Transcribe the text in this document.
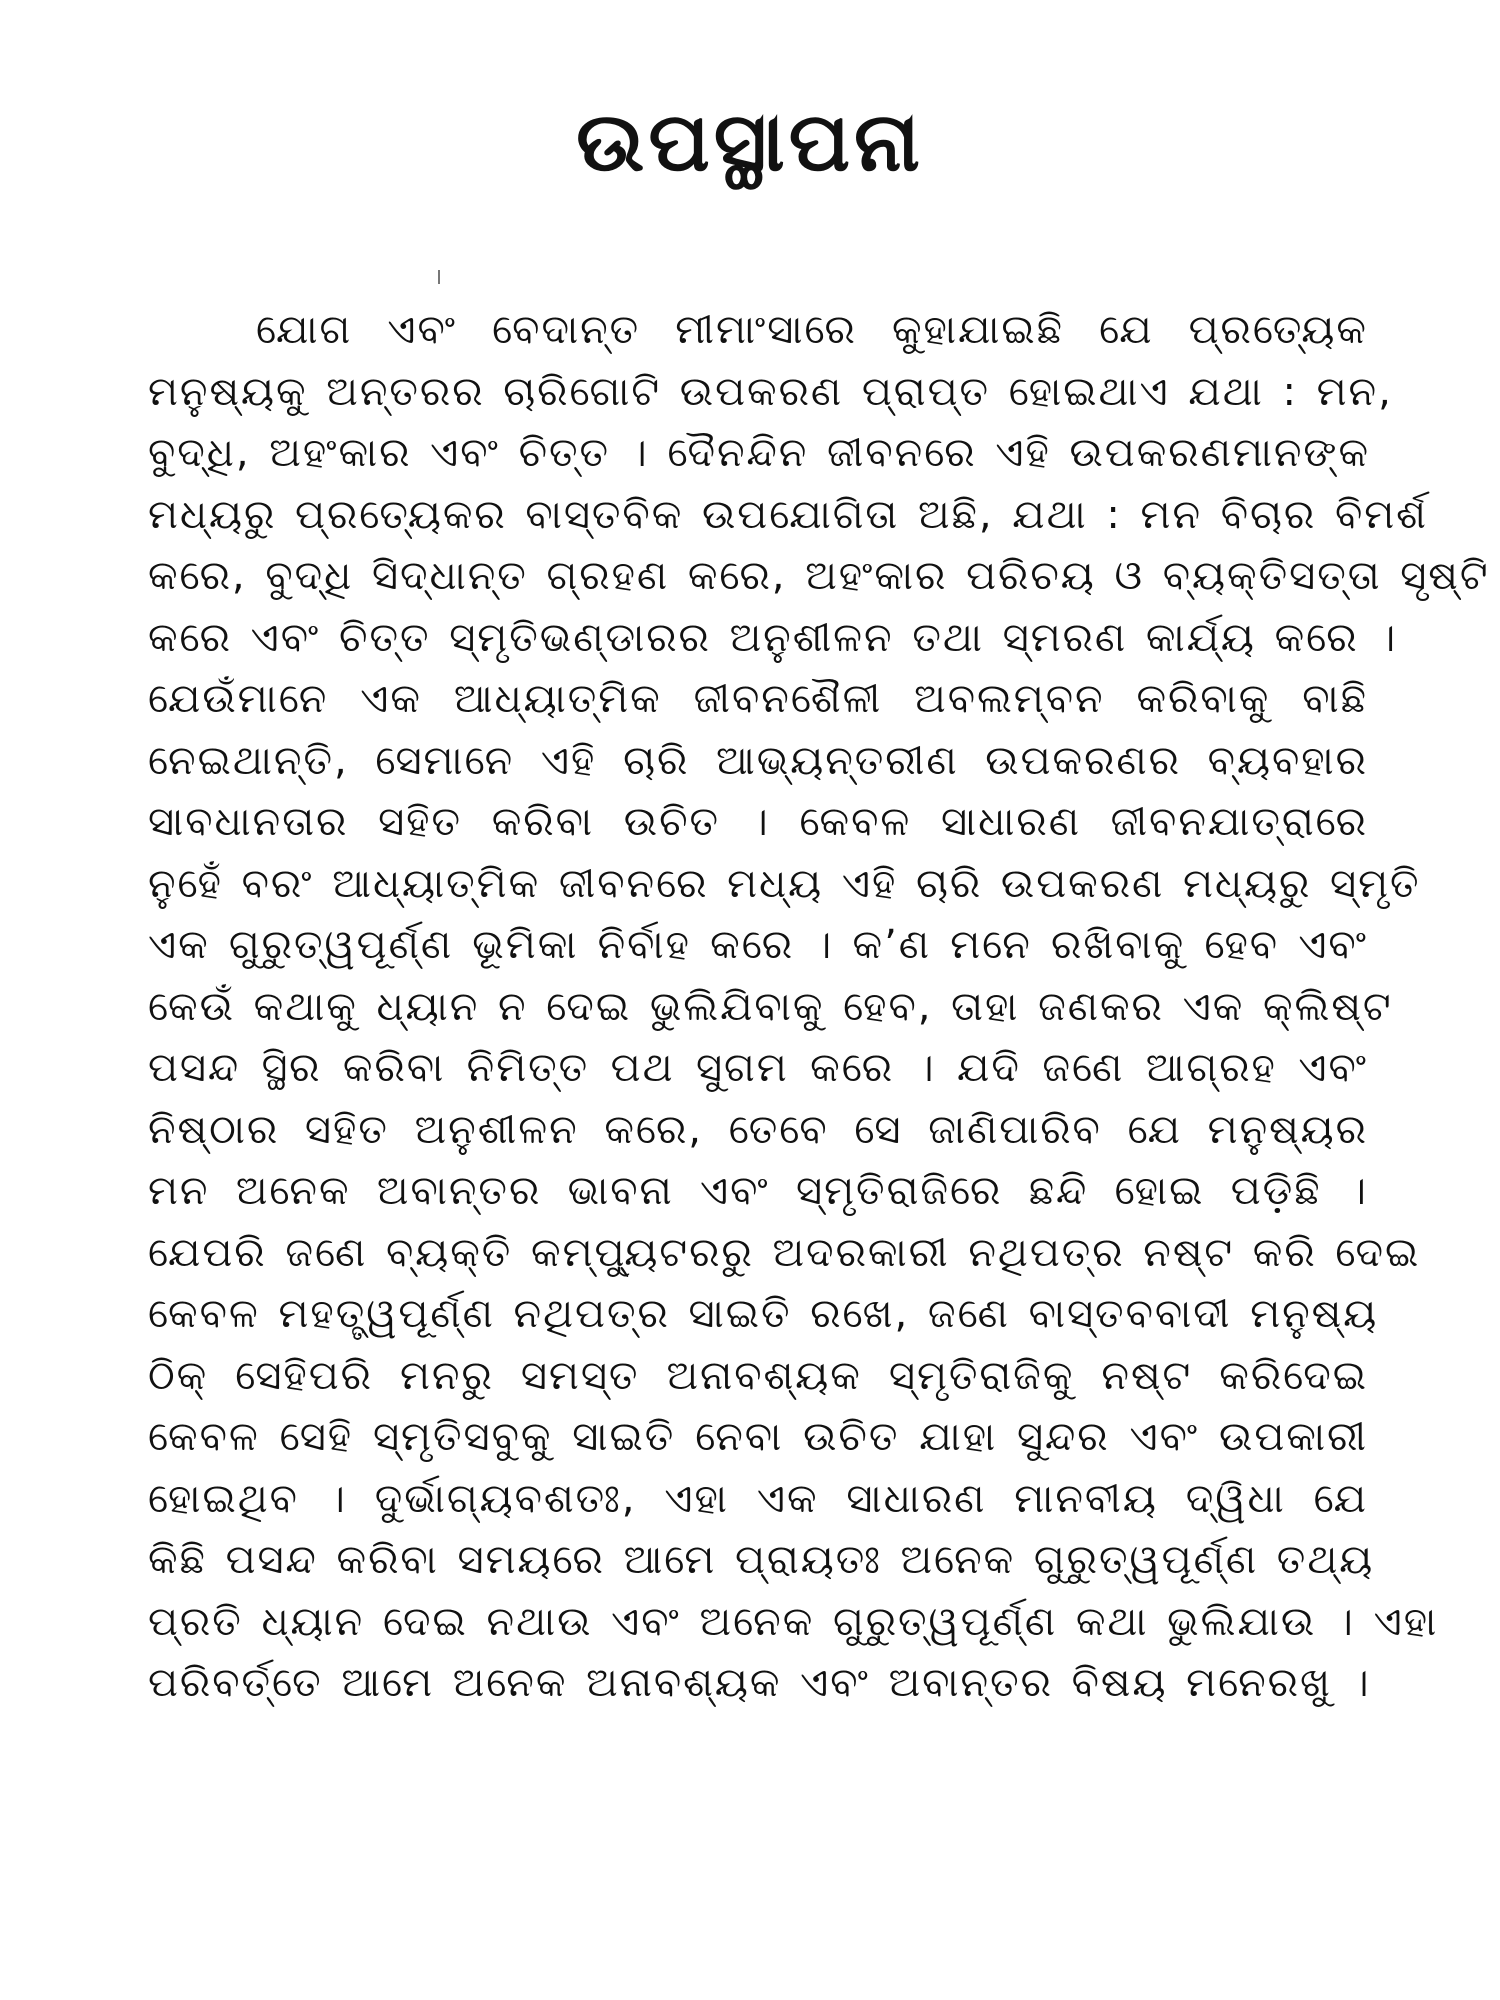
ଉପସ୍ଥାପନା
ଯୋଗ ଏବଂ ବେଦାନ୍ତ ମୀମାଂସାରେ କୁହାଯାଇଛି ଯେ ପ୍ରତ୍ୟେକ
ମନୁଷ୍ୟକୁ ଅନ୍ତରର ଚାରିଗୋଟି ଉପକରଣ ପ୍ରାପ୍ତ ହୋଇଥାଏ ଯଥା : ମନ,
ବୁଦ୍ଧି, ଅହଂକାର ଏବଂ ଚିତ୍ତ । ଦୈନନ୍ଦିନ ଜୀବନରେ ଏହି ଉପକରଣମାନଙ୍କ
ମଧ୍ୟରୁ ପ୍ରତ୍ୟେକର ବାସ୍ତବିକ ଉପଯୋଗିତା ଅଛି, ଯଥା : ମନ ବିଚାର ବିମର୍ଶ
କରେ, ବୁଦ୍ଧି ସିଦ୍ଧାନ୍ତ ଗ୍ରହଣ କରେ, ଅହଂକାର ପରିଚୟ ଓ ବ୍ୟକ୍ତିସତ୍ତା ସୃଷ୍ଟି
କରେ ଏବଂ ଚିତ୍ତ ସ୍ମୃତିଭଣ୍ଡାରର ଅନୁଶୀଳନ ତଥା ସ୍ମରଣ କାର୍ଯ୍ୟ କରେ ।
ଯେଉଁମାନେ ଏକ ଆଧ୍ୟାତ୍ମିକ ଜୀବନଶୈଳୀ ଅବଲମ୍ବନ କରିବାକୁ ବାଛି
ନେଇଥାନ୍ତି, ସେମାନେ ଏହି ଚାରି ଆଭ୍ୟନ୍ତରୀଣ ଉପକରଣର ବ୍ୟବହାର
ସାବଧାନତାର ସହିତ କରିବା ଉଚିତ । କେବଳ ସାଧାରଣ ଜୀବନଯାତ୍ରାରେ
ନୁହେଁ ବରଂ ଆଧ୍ୟାତ୍ମିକ ଜୀବନରେ ମଧ୍ୟ ଏହି ଚାରି ଉପକରଣ ମଧ୍ୟରୁ ସ୍ମୃତି
ଏକ ଗୁରୁତ୍ୱପୂର୍ଣ୍ଣ ଭୂମିକା ନିର୍ବାହ କରେ । କ’ଣ ମନେ ରଖିବାକୁ ହେବ ଏବଂ
କେଉଁ କଥାକୁ ଧ୍ୟାନ ନ ଦେଇ ଭୁଲିଯିବାକୁ ହେବ, ତାହା ଜଣକର ଏକ କ୍ଲିଷ୍ଟ
ପସନ୍ଦ ସ୍ଥିର କରିବା ନିମିତ୍ତ ପଥ ସୁଗମ କରେ । ଯଦି ଜଣେ ଆଗ୍ରହ ଏବଂ
ନିଷ୍ଠାର ସହିତ ଅନୁଶୀଳନ କରେ, ତେବେ ସେ ଜାଣିପାରିବ ଯେ ମନୁଷ୍ୟର
ମନ ଅନେକ ଅବାନ୍ତର ଭାବନା ଏବଂ ସ୍ମୃତିରାଜିରେ ଛନ୍ଦି ହୋଇ ପଡ଼ିଛି ।
ଯେପରି ଜଣେ ବ୍ୟକ୍ତି କମ୍ପ୍ୟୁଟରରୁ ଅଦରକାରୀ ନଥିପତ୍ର ନଷ୍ଟ କରି ଦେଇ
କେବଳ ମହତ୍ତ୍ୱପୂର୍ଣ୍ଣ ନଥିପତ୍ର ସାଇତି ରଖେ, ଜଣେ ବାସ୍ତବବାଦୀ ମନୁଷ୍ୟ
ଠିକ୍ ସେହିପରି ମନରୁ ସମସ୍ତ ଅନାବଶ୍ୟକ ସ୍ମୃତିରାଜିକୁ ନଷ୍ଟ କରିଦେଇ
କେବଳ ସେହି ସ୍ମୃତିସବୁକୁ ସାଇତି ନେବା ଉଚିତ ଯାହା ସୁନ୍ଦର ଏବଂ ଉପକାରୀ
ହୋଇଥିବ । ଦୁର୍ଭାଗ୍ୟବଶତଃ, ଏହା ଏକ ସାଧାରଣ ମାନବୀୟ ଦ୍ୱିଧା ଯେ
କିଛି ପସନ୍ଦ କରିବା ସମୟରେ ଆମେ ପ୍ରାୟତଃ ଅନେକ ଗୁରୁତ୍ୱପୂର୍ଣ୍ଣ ତଥ୍ୟ
ପ୍ରତି ଧ୍ୟାନ ଦେଇ ନଥାଉ ଏବଂ ଅନେକ ଗୁରୁତ୍ୱପୂର୍ଣ୍ଣ କଥା ଭୁଲିଯାଉ । ଏହା
ପରିବର୍ତ୍ତେ ଆମେ ଅନେକ ଅନାବଶ୍ୟକ ଏବଂ ଅବାନ୍ତର ବିଷୟ ମନେରଖୁ ।
